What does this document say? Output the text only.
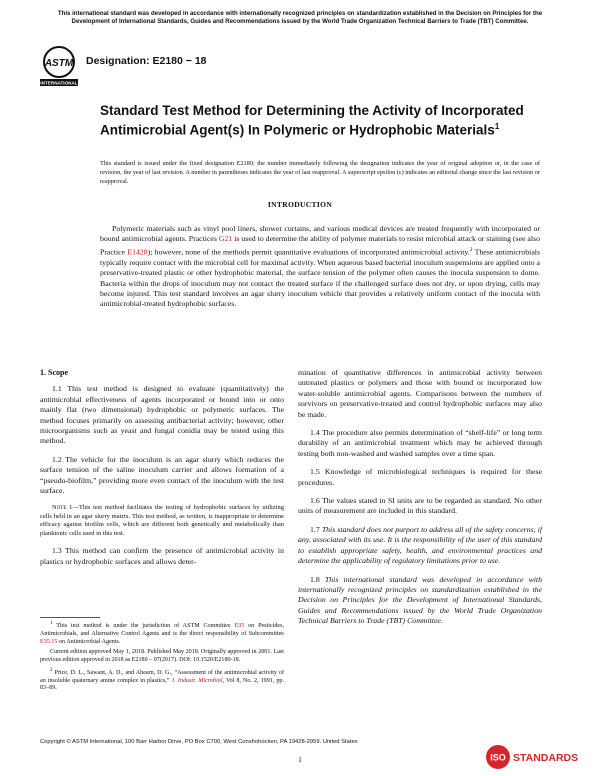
This international standard was developed in accordance with internationally recognized principles on standardization established in the Decision on Principles for the Development of International Standards, Guides and Recommendations issued by the World Trade Organization Technical Barriers to Trade (TBT) Committee.
ASTM
INTERNATIONAL
Designation: E2180 − 18
Standard Test Method for Determining the Activity of Incorporated Antimicrobial Agent(s) In Polymeric or Hydrophobic Materials$^1$
This standard is issued under the fixed designation E2180; the number immediately following the designation indicates the year of original adoption or, in the case of revision, the year of last revision. A number in parentheses indicates the year of last reapproval. A superscript epsilon (ε) indicates an editorial change since the last revision or reapproval.
INTRODUCTION
Polymeric materials such as vinyl pool liners, shower curtains, and various medical devices are treated frequently with incorporated or bound antimicrobial agents. Practices G21 is used to determine the ability of polymer materials to resist microbial attack or staining (see also Practice E1428); however, none of the methods permit quantitative evaluations of incorporated antimicrobial activity.$^2$ These antimicrobials typically require contact with the microbial cell for maximal activity. When aqueous based bacterial inoculum suspensions are applied onto a preservative-treated plastic or other hydrophobic material, the surface tension of the polymer often causes the inocula suspension to dome. Bacteria within the drops of inoculum may not contact the treated surface if the challenged surface does not dry, or upon drying, cells may become injured. This test standard involves an agar slurry inoculum vehicle that provides a relatively uniform contact of the inocula with antimicrobial-treated hydrophobic surfaces.
1. Scope

1.1 This test method is designed to evaluate (quantitatively) the antimicrobial effectiveness of agents incorporated or bound into or onto mainly flat (two dimensional) hydrophobic or polymeric surfaces. The method focuses primarily on assessing antibacterial activity; however, other microorganisms such as yeast and fungal conidia may be tested using this method.

1.2 The vehicle for the inoculum is an agar slurry which reduces the surface tension of the saline inoculum carrier and allows formation of a “pseudo-biofilm,” providing more even contact of the inoculum with the test surface.

Note 1—This test method facilitates the testing of hydrophobic surfaces by utilizing cells held in an agar slurry matrix. This test method, as written, is inappropriate to determine efficacy against biofilm cells, which are different both genetically and metabolically than planktonic cells used in this test.

1.3 This method can confirm the presence of antimicrobial activity in plastics or hydrophobic surfaces and allows deter-

mination of quantitative differences in antimicrobial activity between untreated plastics or polymers and those with bound or incorporated low water-soluble antimicrobial agents. Comparisons between the numbers of survivors on preservative-treated and control hydrophobic surfaces may also be made.

1.4 The procedure also permits determination of “shelf-life” or long term durability of an antimicrobial treatment which may be achieved through testing both non-washed and washed samples over a time span.

1.5 Knowledge of microbiological techniques is required for these procedures.

1.6 The values stated in SI units are to be regarded as standard. No other units of measurement are included in this standard.

1.7 This standard does not purport to address all of the safety concerns, if any, associated with its use. It is the responsibility of the user of this standard to establish appropriate safety, health, and environmental practices and determine the applicability of regulatory limitations prior to use.

1.8 This international standard was developed in accordance with internationally recognized principles on standardization established in the Decision on Principles for the Development of International Standards, Guides and Recommendations issued by the World Trade Organization Technical Barriers to Trade (TBT) Committee.

$^1$ This test method is under the jurisdiction of ASTM Committee E35 on Pesticides, Antimicrobials, and Alternative Control Agents and is the direct responsibility of Subcommittee E35.15 on Antimicrobial Agents.

Current edition approved May 1, 2018. Published May 2018. Originally approved in 2001. Last previous edition approved in 2018 as E2180 – 07(2017). DOI: 10.1520/E2180-18.

$^2$ Price, D. L., Sawant, A. D., and Ahearn, D. G., “Assessment of the antimicrobial activity of an insoluble quaternary amine complex in plastics,” J. Industr. Microbiol, Vol 8, No. 2, 1991, pp. 83–89.

Copyright © ASTM International, 100 Barr Harbor Drive, PO Box C700, West Conshohocken, PA 19428-2959. United States
1	ISO STANDARDS
